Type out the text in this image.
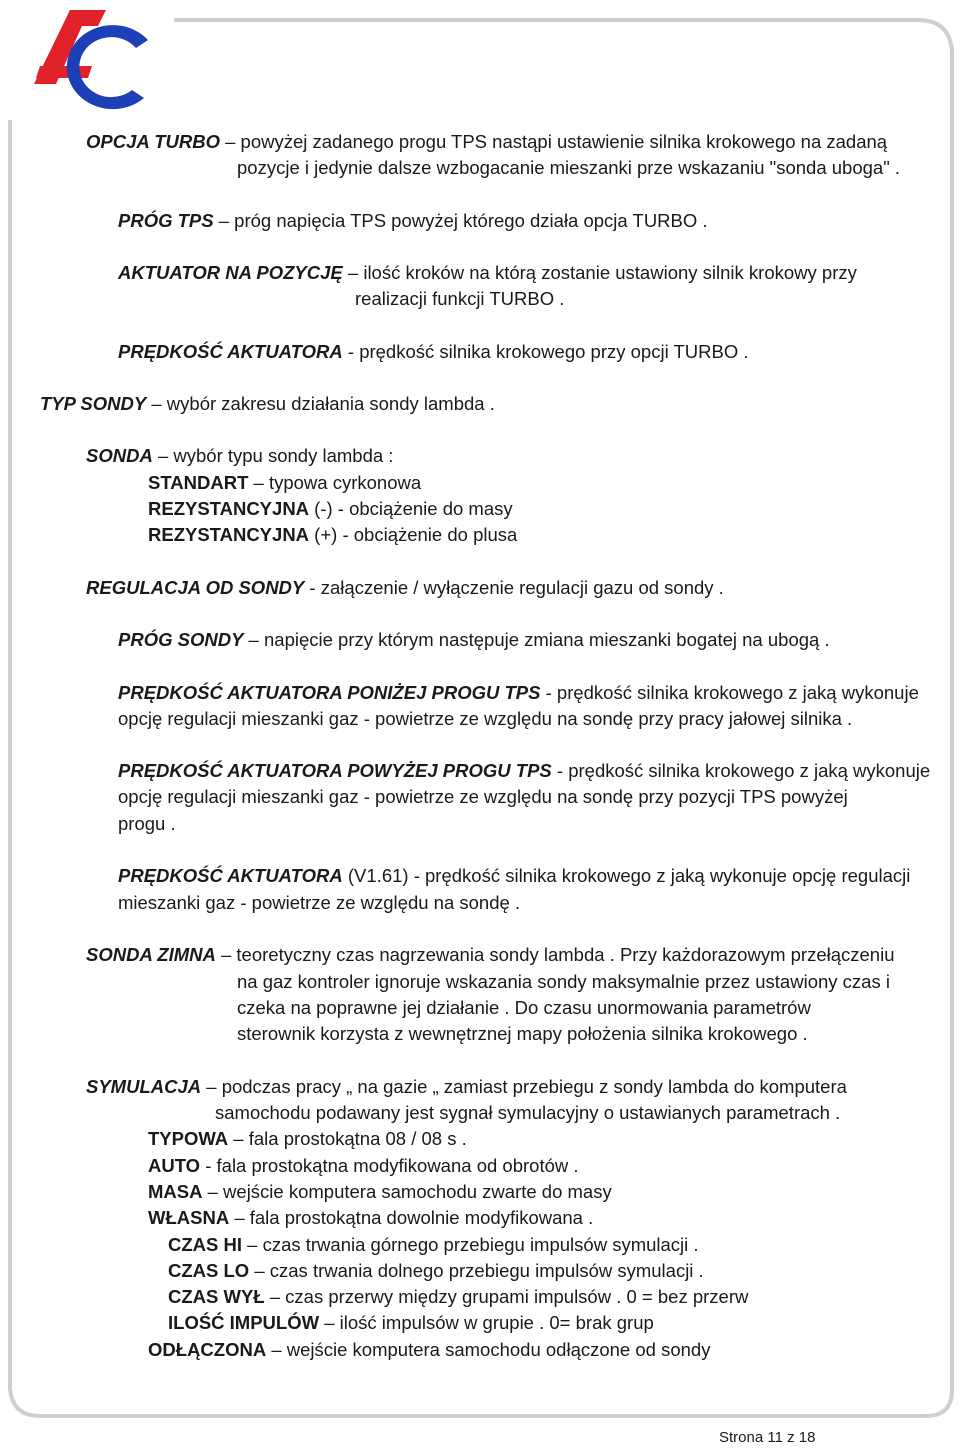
OPCJA TURBO – powyżej zadanego progu TPS nastąpi ustawienie silnika krokowego na zadaną
pozycje i jedynie dalsze wzbogacanie mieszanki prze wskazaniu "sonda uboga" .
PRÓG TPS – próg napięcia TPS powyżej którego działa opcja TURBO .
AKTUATOR NA POZYCJĘ – ilość kroków na którą zostanie ustawiony silnik krokowy przy
realizacji funkcji TURBO .
PRĘDKOŚĆ AKTUATORA - prędkość silnika krokowego przy opcji TURBO .
TYP SONDY – wybór zakresu działania sondy lambda .
SONDA – wybór typu sondy lambda :
STANDART – typowa cyrkonowa
REZYSTANCYJNA (-) - obciążenie do masy
REZYSTANCYJNA (+) - obciążenie do plusa
REGULACJA OD SONDY - załączenie / wyłączenie regulacji gazu od sondy .
PRÓG SONDY – napięcie przy którym następuje zmiana mieszanki bogatej na ubogą .
PRĘDKOŚĆ AKTUATORA PONIŻEJ PROGU TPS - prędkość silnika krokowego z jaką wykonuje
opcję regulacji mieszanki gaz - powietrze ze względu na sondę przy pracy jałowej silnika .
PRĘDKOŚĆ AKTUATORA POWYŻEJ PROGU TPS - prędkość silnika krokowego z jaką wykonuje
opcję regulacji mieszanki gaz - powietrze ze względu na sondę przy pozycji TPS powyżej
progu .
PRĘDKOŚĆ AKTUATORA (V1.61) - prędkość silnika krokowego z jaką wykonuje opcję regulacji
mieszanki gaz - powietrze ze względu na sondę .
SONDA ZIMNA – teoretyczny czas nagrzewania sondy lambda . Przy każdorazowym przełączeniu
na gaz kontroler ignoruje wskazania sondy maksymalnie przez ustawiony czas i
czeka na poprawne jej działanie . Do czasu unormowania parametrów
sterownik korzysta z wewnętrznej mapy położenia silnika krokowego .
SYMULACJA – podczas pracy „ na gazie „ zamiast przebiegu z sondy lambda do komputera
samochodu podawany jest sygnał symulacyjny o ustawianych parametrach .
TYPOWA – fala prostokątna 08 / 08 s .
AUTO - fala prostokątna modyfikowana od obrotów .
MASA – wejście komputera samochodu zwarte do masy
WŁASNA – fala prostokątna dowolnie modyfikowana .
CZAS HI – czas trwania górnego przebiegu impulsów symulacji .
CZAS LO – czas trwania dolnego przebiegu impulsów symulacji .
CZAS WYŁ – czas przerwy między grupami impulsów . 0 = bez przerw
ILOŚĆ IMPULÓW – ilość impulsów w grupie . 0= brak grup
ODŁĄCZONA – wejście komputera samochodu odłączone od sondy
Strona 11 z 18
